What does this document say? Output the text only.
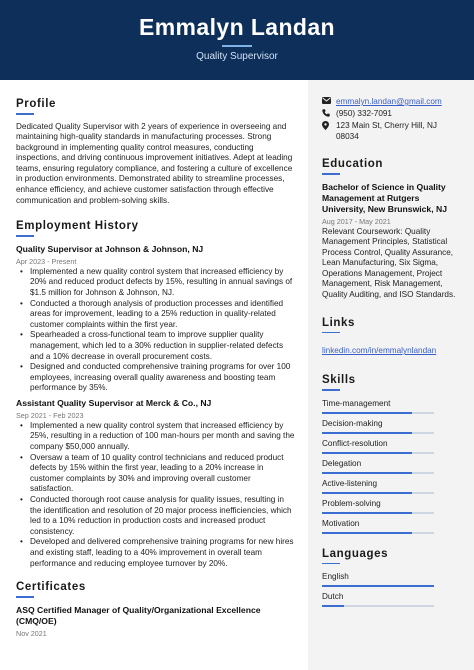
Emmalyn Landan
Quality Supervisor
Profile
Dedicated Quality Supervisor with 2 years of experience in overseeing and maintaining high-quality standards in manufacturing processes. Strong background in implementing quality control measures, conducting inspections, and driving continuous improvement initiatives. Adept at leading teams, ensuring regulatory compliance, and fostering a culture of excellence in production environments. Demonstrated ability to streamline processes, enhance efficiency, and achieve customer satisfaction through effective communication and problem-solving skills.
Employment History
Quality Supervisor at Johnson & Johnson, NJ
Apr 2023 - Present
• Implemented a new quality control system that increased efficiency by 20% and reduced product defects by 15%, resulting in annual savings of $1.5 million for Johnson & Johnson, NJ.
• Conducted a thorough analysis of production processes and identified areas for improvement, leading to a 25% reduction in quality-related customer complaints within the first year.
• Spearheaded a cross-functional team to improve supplier quality management, which led to a 30% reduction in supplier-related defects and a 10% decrease in overall procurement costs.
• Designed and conducted comprehensive training programs for over 100 employees, increasing overall quality awareness and boosting team performance by 35%.
Assistant Quality Supervisor at Merck & Co., NJ
Sep 2021 - Feb 2023
• Implemented a new quality control system that increased efficiency by 25%, resulting in a reduction of 100 man-hours per month and saving the company $50,000 annually.
• Oversaw a team of 10 quality control technicians and reduced product defects by 15% within the first year, leading to a 20% increase in customer complaints by 30% and improving overall customer satisfaction.
• Conducted thorough root cause analysis for quality issues, resulting in the identification and resolution of 20 major process inefficiencies, which led to a 10% reduction in production costs and increased product consistency.
• Developed and delivered comprehensive training programs for new hires and existing staff, leading to a 40% improvement in overall team performance and reducing employee turnover by 20%.
Certificates
ASQ Certified Manager of Quality/Organizational Excellence (CMQ/OE)
Nov 2021
emmalyn.landan@gmail.com
(950) 332-7091
123 Main St, Cherry Hill, NJ 08034
Education
Bachelor of Science in Quality Management at Rutgers University, New Brunswick, NJ
Aug 2017 - May 2021
Relevant Coursework: Quality Management Principles, Statistical Process Control, Quality Assurance, Lean Manufacturing, Six Sigma, Operations Management, Project Management, Risk Management, Quality Auditing, and ISO Standards.
Links
linkedin.com/in/emmalynlandan
Skills
Time-management
Decision-making
Conflict-resolution
Delegation
Active-listening
Problem-solving
Motivation
Languages
English
Dutch
